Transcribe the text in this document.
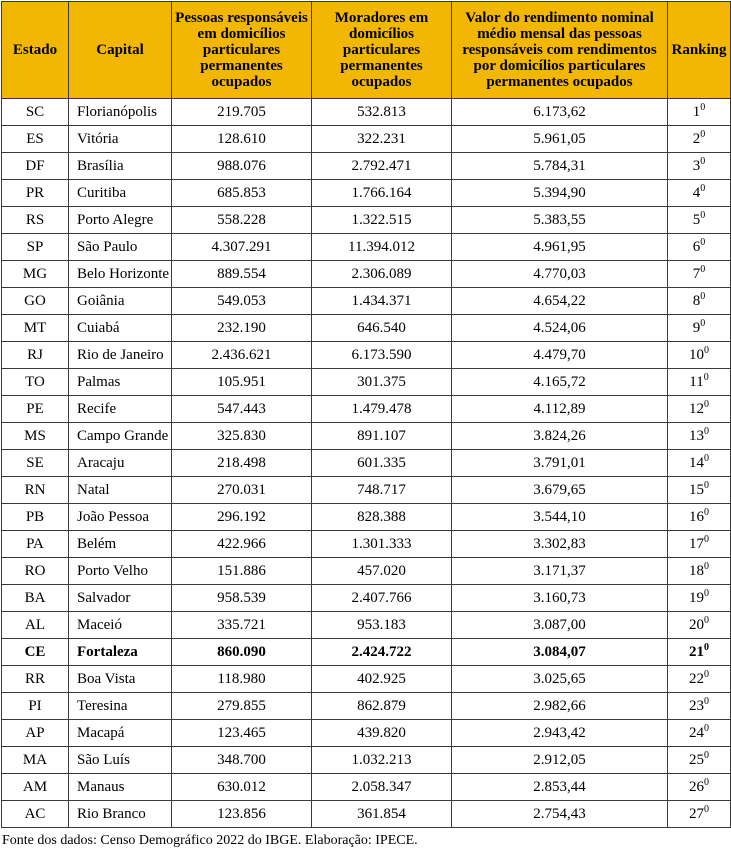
Estado	Capital	Pessoas responsáveis em domicílios particulares permanentes ocupados	Moradores em domicílios particulares permanentes ocupados	Valor do rendimento nominal médio mensal das pessoas responsáveis com rendimentos por domicílios particulares permanentes ocupados	Ranking
SC	Florianópolis	219.705	532.813	6.173,62	$1^0$
ES	Vitória	128.610	322.231	5.961,05	$2^0$
DF	Brasília	988.076	2.792.471	5.784,31	$3^0$
PR	Curitiba	685.853	1.766.164	5.394,90	$4^0$
RS	Porto Alegre	558.228	1.322.515	5.383,55	$5^0$
SP	São Paulo	4.307.291	11.394.012	4.961,95	$6^0$
MG	Belo Horizonte	889.554	2.306.089	4.770,03	$7^0$
GO	Goiânia	549.053	1.434.371	4.654,22	$8^0$
MT	Cuiabá	232.190	646.540	4.524,06	$9^0$
RJ	Rio de Janeiro	2.436.621	6.173.590	4.479,70	$10^0$
TO	Palmas	105.951	301.375	4.165,72	$11^0$
PE	Recife	547.443	1.479.478	4.112,89	$12^0$
MS	Campo Grande	325.830	891.107	3.824,26	$13^0$
SE	Aracaju	218.498	601.335	3.791,01	$14^0$
RN	Natal	270.031	748.717	3.679,65	$15^0$
PB	João Pessoa	296.192	828.388	3.544,10	$16^0$
PA	Belém	422.966	1.301.333	3.302,83	$17^0$
RO	Porto Velho	151.886	457.020	3.171,37	$18^0$
BA	Salvador	958.539	2.407.766	3.160,73	$19^0$
AL	Maceió	335.721	953.183	3.087,00	$20^0$
CE	Fortaleza	860.090	2.424.722	3.084,07	$21^0$
RR	Boa Vista	118.980	402.925	3.025,65	$22^0$
PI	Teresina	279.855	862.879	2.982,66	$23^0$
AP	Macapá	123.465	439.820	2.943,42	$24^0$
MA	São Luís	348.700	1.032.213	2.912,05	$25^0$
AM	Manaus	630.012	2.058.347	2.853,44	$26^0$
AC	Rio Branco	123.856	361.854	2.754,43	$27^0$
Fonte dos dados: Censo Demográfico 2022 do IBGE. Elaboração: IPECE.
